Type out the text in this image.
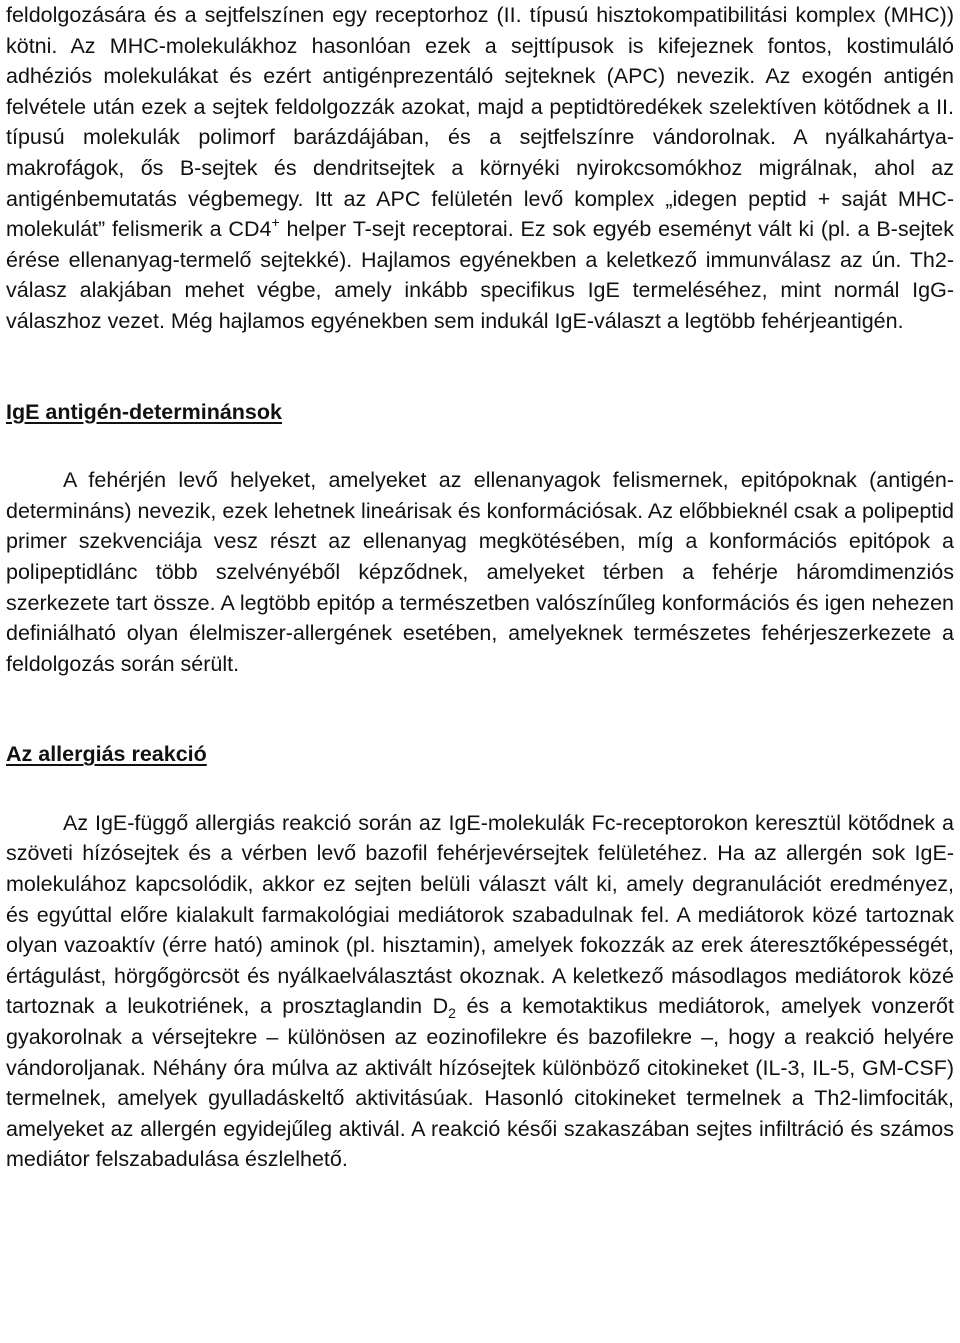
feldolgozására és a sejtfelszínen egy receptorhoz (II. típusú hisztokompatibilitási komplex (MHC)) kötni. Az MHC-molekulákhoz hasonlóan ezek a sejttípusok is kifejeznek fontos, kostimuláló adhéziós molekulákat és ezért antigénprezentáló sejteknek (APC) nevezik. Az exogén antigén felvétele után ezek a sejtek feldolgozzák azokat, majd a peptidtöredékek szelektíven kötődnek a II. típusú molekulák polimorf barázdájában, és a sejtfelszínre vándorolnak. A nyálkahártya-makrofágok, ős B-sejtek és dendritsejtek a környéki nyirokcsomókhoz migrálnak, ahol az antigénbemutatás végbemegy. Itt az APC felületén levő komplex „idegen peptid + saját MHC-molekulát” felismerik a CD4+ helper T-sejt receptorai. Ez sok egyéb eseményt vált ki (pl. a B-sejtek érése ellenanyag-termelő sejtekké). Hajlamos egyénekben a keletkező immunválasz az ún. Th2-válasz alakjában mehet végbe, amely inkább specifikus IgE termeléséhez, mint normál IgG-válaszhoz vezet. Még hajlamos egyénekben sem indukál IgE-választ a legtöbb fehérjeantigén.

IgE antigén-determinánsok

A fehérjén levő helyeket, amelyeket az ellenanyagok felismernek, epitópoknak (antigén-determináns) nevezik, ezek lehetnek lineárisak és konformációsak. Az előbbieknél csak a polipeptid primer szekvenciája vesz részt az ellenanyag megkötésében, míg a konformációs epitópok a polipeptidlánc több szelvényéből képződnek, amelyeket térben a fehérje háromdimenziós szerkezete tart össze. A legtöbb epitóp a természetben valószínűleg konformációs és igen nehezen definiálható olyan élelmiszer-allergének esetében, amelyeknek természetes fehérjeszerkezete a feldolgozás során sérült.

Az allergiás reakció

Az IgE-függő allergiás reakció során az IgE-molekulák Fc-receptorokon keresztül kötődnek a szöveti hízósejtek és a vérben levő bazofil fehérjevérsejtek felületéhez. Ha az allergén sok IgE-molekulához kapcsolódik, akkor ez sejten belüli választ vált ki, amely degranulációt eredményez, és egyúttal előre kialakult farmakológiai mediátorok szabadulnak fel. A mediátorok közé tartoznak olyan vazoaktív (érre ható) aminok (pl. hisztamin), amelyek fokozzák az erek áteresztőképességét, értágulást, hörgőgörcsöt és nyálkaelválasztást okoznak. A keletkező másodlagos mediátorok közé tartoznak a leukotriének, a prosztaglandin $D_2$ és a kemotaktikus mediátorok, amelyek vonzerőt gyakorolnak a vérsejtekre – különösen az eozinofilekre és bazofilekre –, hogy a reakció helyére vándoroljanak. Néhány óra múlva az aktivált hízósejtek különböző citokineket (IL-3, IL-5, GM-CSF) termelnek, amelyek gyulladáskeltő aktivitásúak. Hasonló citokineket termelnek a Th2-limfociták, amelyeket az allergén egyidejűleg aktivál. A reakció késői szakaszában sejtes infiltráció és számos mediátor felszabadulása észlelhető.
